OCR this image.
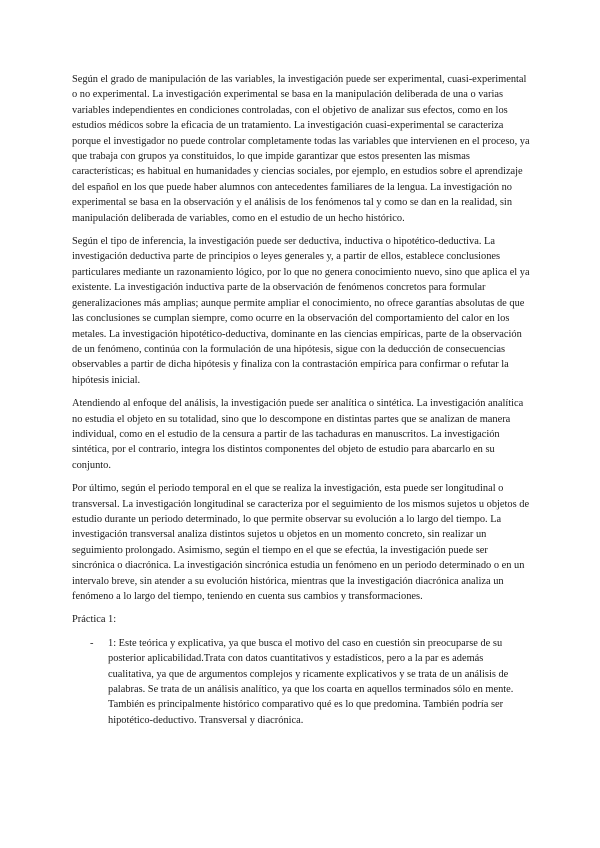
Según el grado de manipulación de las variables, la investigación puede ser experimental, cuasi-experimental o no experimental. La investigación experimental se basa en la manipulación deliberada de una o varias variables independientes en condiciones controladas, con el objetivo de analizar sus efectos, como en los estudios médicos sobre la eficacia de un tratamiento. La investigación cuasi-experimental se caracteriza porque el investigador no puede controlar completamente todas las variables que intervienen en el proceso, ya que trabaja con grupos ya constituidos, lo que impide garantizar que estos presenten las mismas características; es habitual en humanidades y ciencias sociales, por ejemplo, en estudios sobre el aprendizaje del español en los que puede haber alumnos con antecedentes familiares de la lengua. La investigación no experimental se basa en la observación y el análisis de los fenómenos tal y como se dan en la realidad, sin manipulación deliberada de variables, como en el estudio de un hecho histórico.

Según el tipo de inferencia, la investigación puede ser deductiva, inductiva o hipotético-deductiva. La investigación deductiva parte de principios o leyes generales y, a partir de ellos, establece conclusiones particulares mediante un razonamiento lógico, por lo que no genera conocimiento nuevo, sino que aplica el ya existente. La investigación inductiva parte de la observación de fenómenos concretos para formular generalizaciones más amplias; aunque permite ampliar el conocimiento, no ofrece garantías absolutas de que las conclusiones se cumplan siempre, como ocurre en la observación del comportamiento del calor en los metales. La investigación hipotético-deductiva, dominante en las ciencias empíricas, parte de la observación de un fenómeno, continúa con la formulación de una hipótesis, sigue con la deducción de consecuencias observables a partir de dicha hipótesis y finaliza con la contrastación empírica para confirmar o refutar la hipótesis inicial.

Atendiendo al enfoque del análisis, la investigación puede ser analítica o sintética. La investigación analítica no estudia el objeto en su totalidad, sino que lo descompone en distintas partes que se analizan de manera individual, como en el estudio de la censura a partir de las tachaduras en manuscritos. La investigación sintética, por el contrario, integra los distintos componentes del objeto de estudio para abarcarlo en su conjunto.

Por último, según el periodo temporal en el que se realiza la investigación, esta puede ser longitudinal o transversal. La investigación longitudinal se caracteriza por el seguimiento de los mismos sujetos u objetos de estudio durante un periodo determinado, lo que permite observar su evolución a lo largo del tiempo. La investigación transversal analiza distintos sujetos u objetos en un momento concreto, sin realizar un seguimiento prolongado. Asimismo, según el tiempo en el que se efectúa, la investigación puede ser sincrónica o diacrónica. La investigación sincrónica estudia un fenómeno en un periodo determinado o en un intervalo breve, sin atender a su evolución histórica, mientras que la investigación diacrónica analiza un fenómeno a lo largo del tiempo, teniendo en cuenta sus cambios y transformaciones.

Práctica 1:

- 1: Este teórica y explicativa, ya que busca el motivo del caso en cuestión sin preocuparse de su posterior aplicabilidad.Trata con datos cuantitativos y estadísticos, pero a la par es además cualitativa, ya que de argumentos complejos y ricamente explicativos y se trata de un análisis de palabras. Se trata de un análisis analítico, ya que los coarta en aquellos terminados sólo en mente. También es principalmente histórico comparativo qué es lo que predomina. También podría ser hipotético-deductivo. Transversal y diacrónica.
